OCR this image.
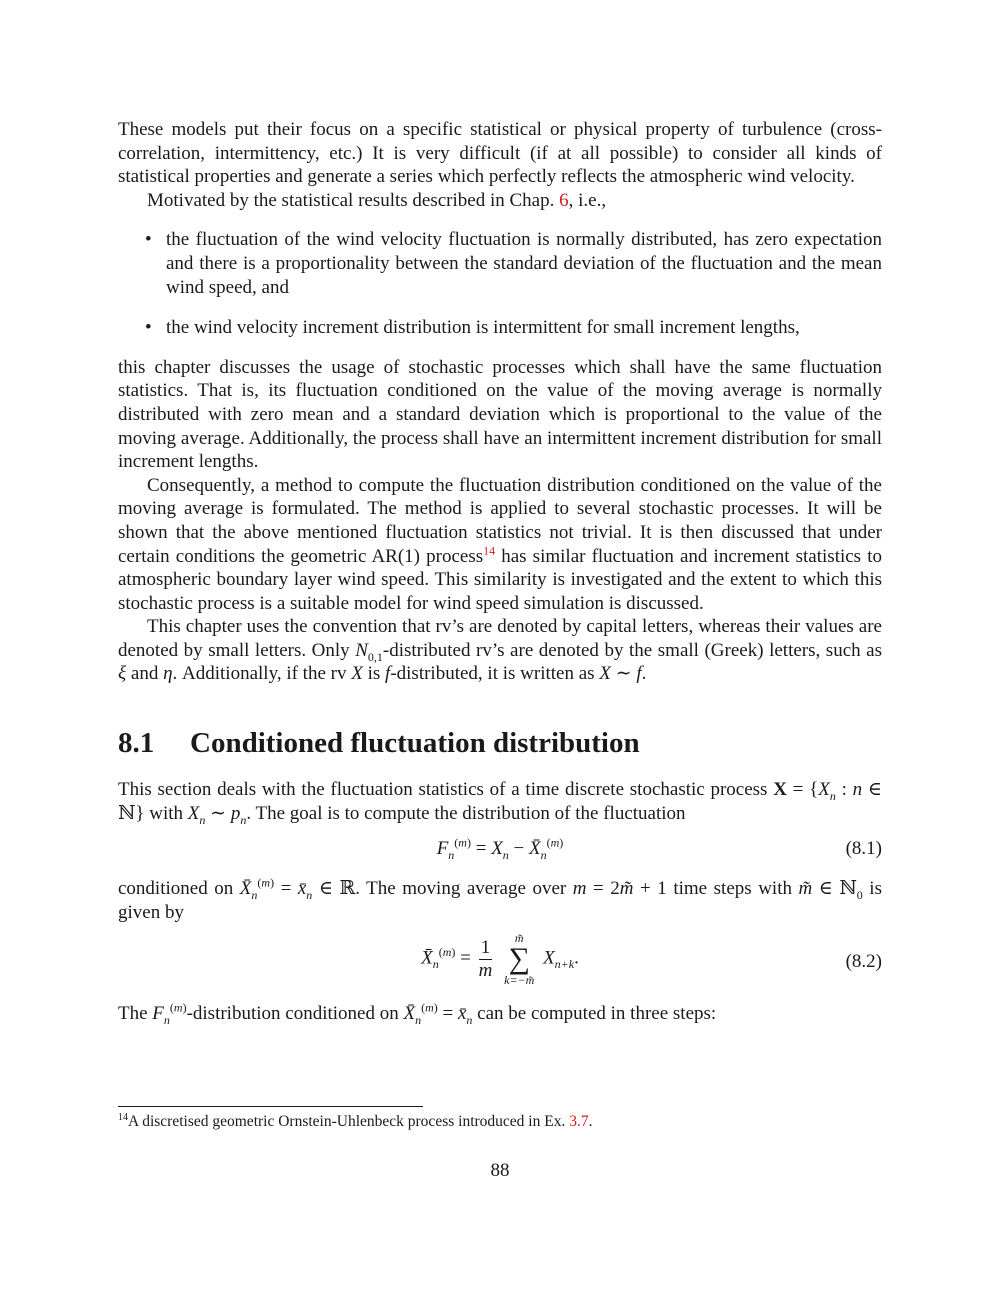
These models put their focus on a specific statistical or physical property of turbulence (cross-correlation, intermittency, etc.) It is very difficult (if at all possible) to consider all kinds of statistical properties and generate a series which perfectly reflects the atmospheric wind velocity.

Motivated by the statistical results described in Chap. 6, i.e.,

• the fluctuation of the wind velocity fluctuation is normally distributed, has zero expectation and there is a proportionality between the standard deviation of the fluctuation and the mean wind speed, and
• the wind velocity increment distribution is intermittent for small increment lengths,

this chapter discusses the usage of stochastic processes which shall have the same fluctuation statistics. That is, its fluctuation conditioned on the value of the moving average is normally distributed with zero mean and a standard deviation which is proportional to the value of the moving average. Additionally, the process shall have an intermittent increment distribution for small increment lengths.

Consequently, a method to compute the fluctuation distribution conditioned on the value of the moving average is formulated. The method is applied to several stochastic processes. It will be shown that the above mentioned fluctuation statistics not trivial. It is then discussed that under certain conditions the geometric AR(1) process$^{14}$ has similar fluctuation and increment statistics to atmospheric boundary layer wind speed. This similarity is investigated and the extent to which this stochastic process is a suitable model for wind speed simulation is discussed.

This chapter uses the convention that rv’s are denoted by capital letters, whereas their values are denoted by small letters. Only $N_{0,1}$-distributed rv’s are denoted by the small (Greek) letters, such as ξ and η. Additionally, if the rv X is f-distributed, it is written as X ∼ f.

8.1 Conditioned fluctuation distribution

This section deals with the fluctuation statistics of a time discrete stochastic process $X = \{X_n$ : n ∈ ℕ} with $X_n$ ∼ $p_n$. The goal is to compute the distribution of the fluctuation

$F_n^{(m)} = X_n$ − $X̄_n^{(m)}$	(8.1)

conditioned on $X̄_n^{(m)}$ = $x̄_n$ ∈ ℝ. The moving average over m = 2m̃ + 1 time steps with m̃ ∈ ℕ$_0$ is given by

$X̄_n^{(m)} = \frac{1}{m}$
	m̃
∑
k=−m̃
$X_{n+k}$.	(8.2)

The $F_n^{(m)}$-distribution conditioned on $X̄_n^{(m)}$ = $x̄_n$ can be computed in three steps:

$^{14}$A discretised geometric Ornstein-Uhlenbeck process introduced in Ex. 3.7.
88
